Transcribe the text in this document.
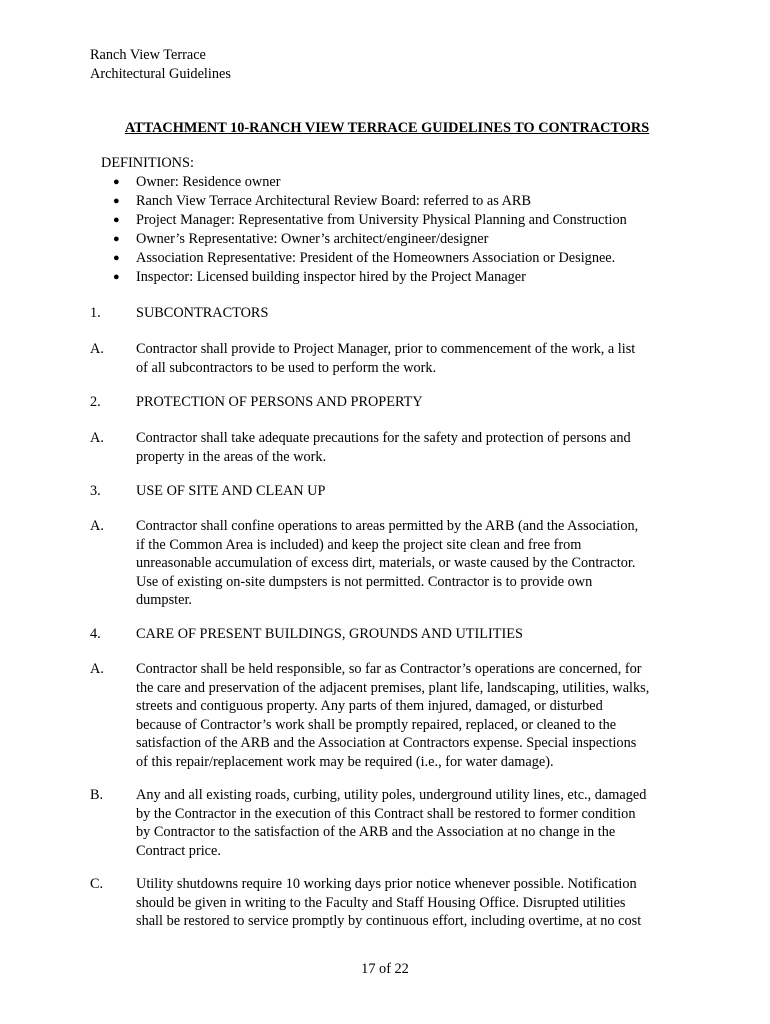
Ranch View Terrace
Architectural Guidelines
ATTACHMENT 10-RANCH VIEW TERRACE GUIDELINES TO CONTRACTORS
DEFINITIONS:
● Owner: Residence owner
● Ranch View Terrace Architectural Review Board: referred to as ARB
● Project Manager: Representative from University Physical Planning and Construction
● Owner’s Representative: Owner’s architect/engineer/designer
● Association Representative: President of the Homeowners Association or Designee.
● Inspector: Licensed building inspector hired by the Project Manager
1. SUBCONTRACTORS
A. Contractor shall provide to Project Manager, prior to commencement of the work, a list
of all subcontractors to be used to perform the work.
2. PROTECTION OF PERSONS AND PROPERTY
A. Contractor shall take adequate precautions for the safety and protection of persons and
property in the areas of the work.
3. USE OF SITE AND CLEAN UP
A. Contractor shall confine operations to areas permitted by the ARB (and the Association,
if the Common Area is included) and keep the project site clean and free from
unreasonable accumulation of excess dirt, materials, or waste caused by the Contractor.
Use of existing on-site dumpsters is not permitted. Contractor is to provide own
dumpster.
4. CARE OF PRESENT BUILDINGS, GROUNDS AND UTILITIES
A. Contractor shall be held responsible, so far as Contractor’s operations are concerned, for
the care and preservation of the adjacent premises, plant life, landscaping, utilities, walks,
streets and contiguous property. Any parts of them injured, damaged, or disturbed
because of Contractor’s work shall be promptly repaired, replaced, or cleaned to the
satisfaction of the ARB and the Association at Contractors expense. Special inspections
of this repair/replacement work may be required (i.e., for water damage).
B. Any and all existing roads, curbing, utility poles, underground utility lines, etc., damaged
by the Contractor in the execution of this Contract shall be restored to former condition
by Contractor to the satisfaction of the ARB and the Association at no change in the
Contract price.
C. Utility shutdowns require 10 working days prior notice whenever possible. Notification
should be given in writing to the Faculty and Staff Housing Office. Disrupted utilities
shall be restored to service promptly by continuous effort, including overtime, at no cost
17 of 22
